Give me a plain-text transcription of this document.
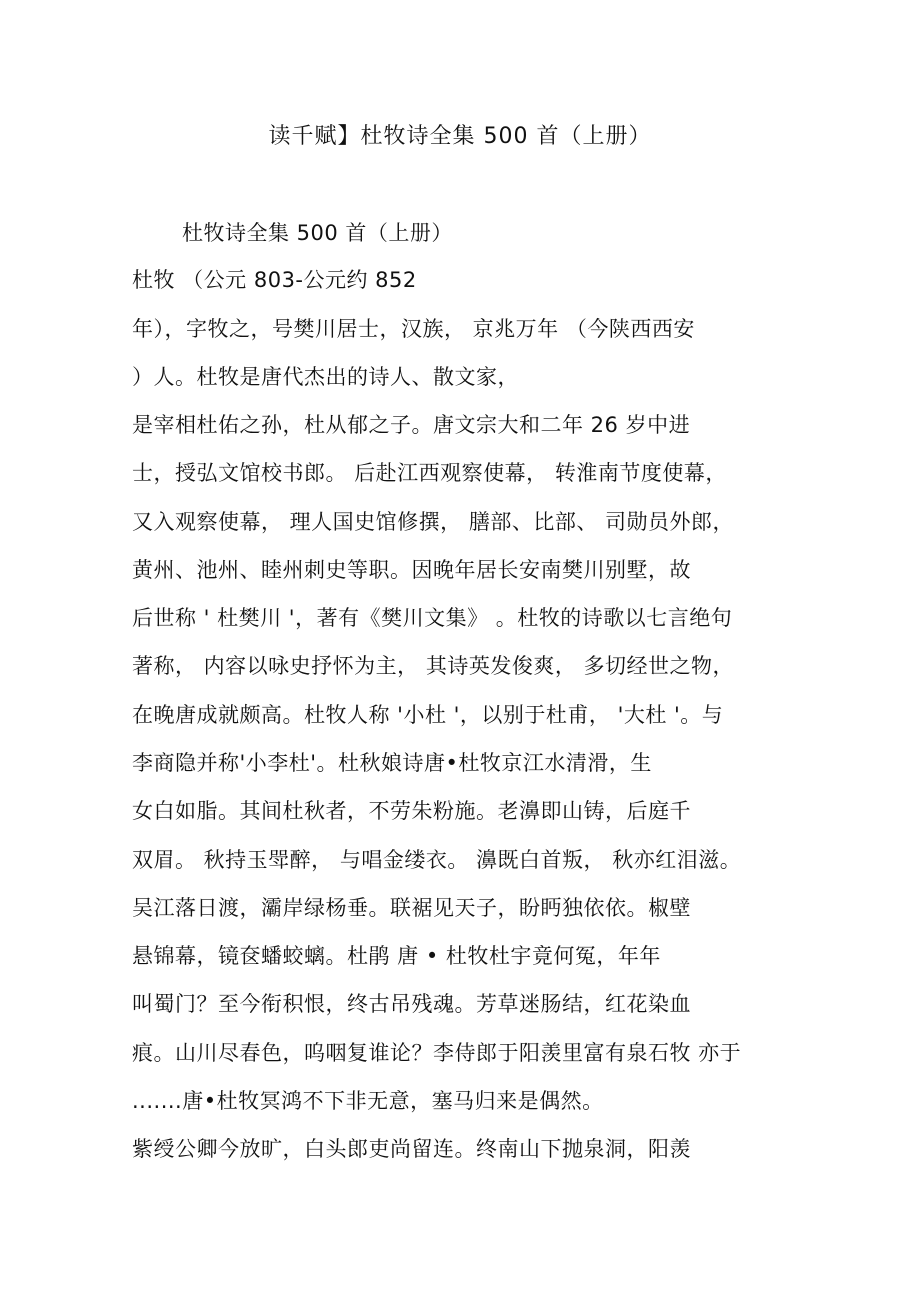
读千赋】杜牧诗全集 500 首（上册）
杜牧诗全集 500 首（上册）
杜牧 （公元 803-公元约 852
年），字牧之，号樊川居士，汉族， 京兆万年 （今陕西西安
）人。杜牧是唐代杰出的诗人、散文家，
是宰相杜佑之孙，杜从郁之子。唐文宗大和二年 26 岁中进
士，授弘文馆校书郎。 后赴江西观察使幕， 转淮南节度使幕，
又入观察使幕， 理人国史馆修撰， 膳部、比部、 司勋员外郎，
黄州、池州、睦州刺史等职。因晚年居长安南樊川别墅，故
后世称 ' 杜樊川 '，著有《樊川文集》 。杜牧的诗歌以七言绝句
著称， 内容以咏史抒怀为主， 其诗英发俊爽， 多切经世之物，
在晚唐成就颇高。杜牧人称 '小杜 '，以别于杜甫， '大杜 '。与
李商隐并称'小李杜'。杜秋娘诗唐•杜牧京江水清滑，生
女白如脂。其间杜秋者，不劳朱粉施。老濞即山铸，后庭千
双眉。 秋持玉斝醉， 与唱金缕衣。 濞既白首叛， 秋亦红泪滋。
吴江落日渡，灞岸绿杨垂。联裾见天子，盼眄独依依。椒壁
悬锦幕，镜奁蟠蛟螭。杜鹃 唐 • 杜牧杜宇竟何冤，年年
叫蜀门？至今衔积恨，终古吊残魂。芳草迷肠结，红花染血
痕。山川尽春色，呜咽复谁论？李侍郎于阳羡里富有泉石牧 亦于
.......唐•杜牧冥鸿不下非无意，塞马归来是偶然。
紫绶公卿今放旷，白头郎吏尚留连。终南山下抛泉洞，阳羡
